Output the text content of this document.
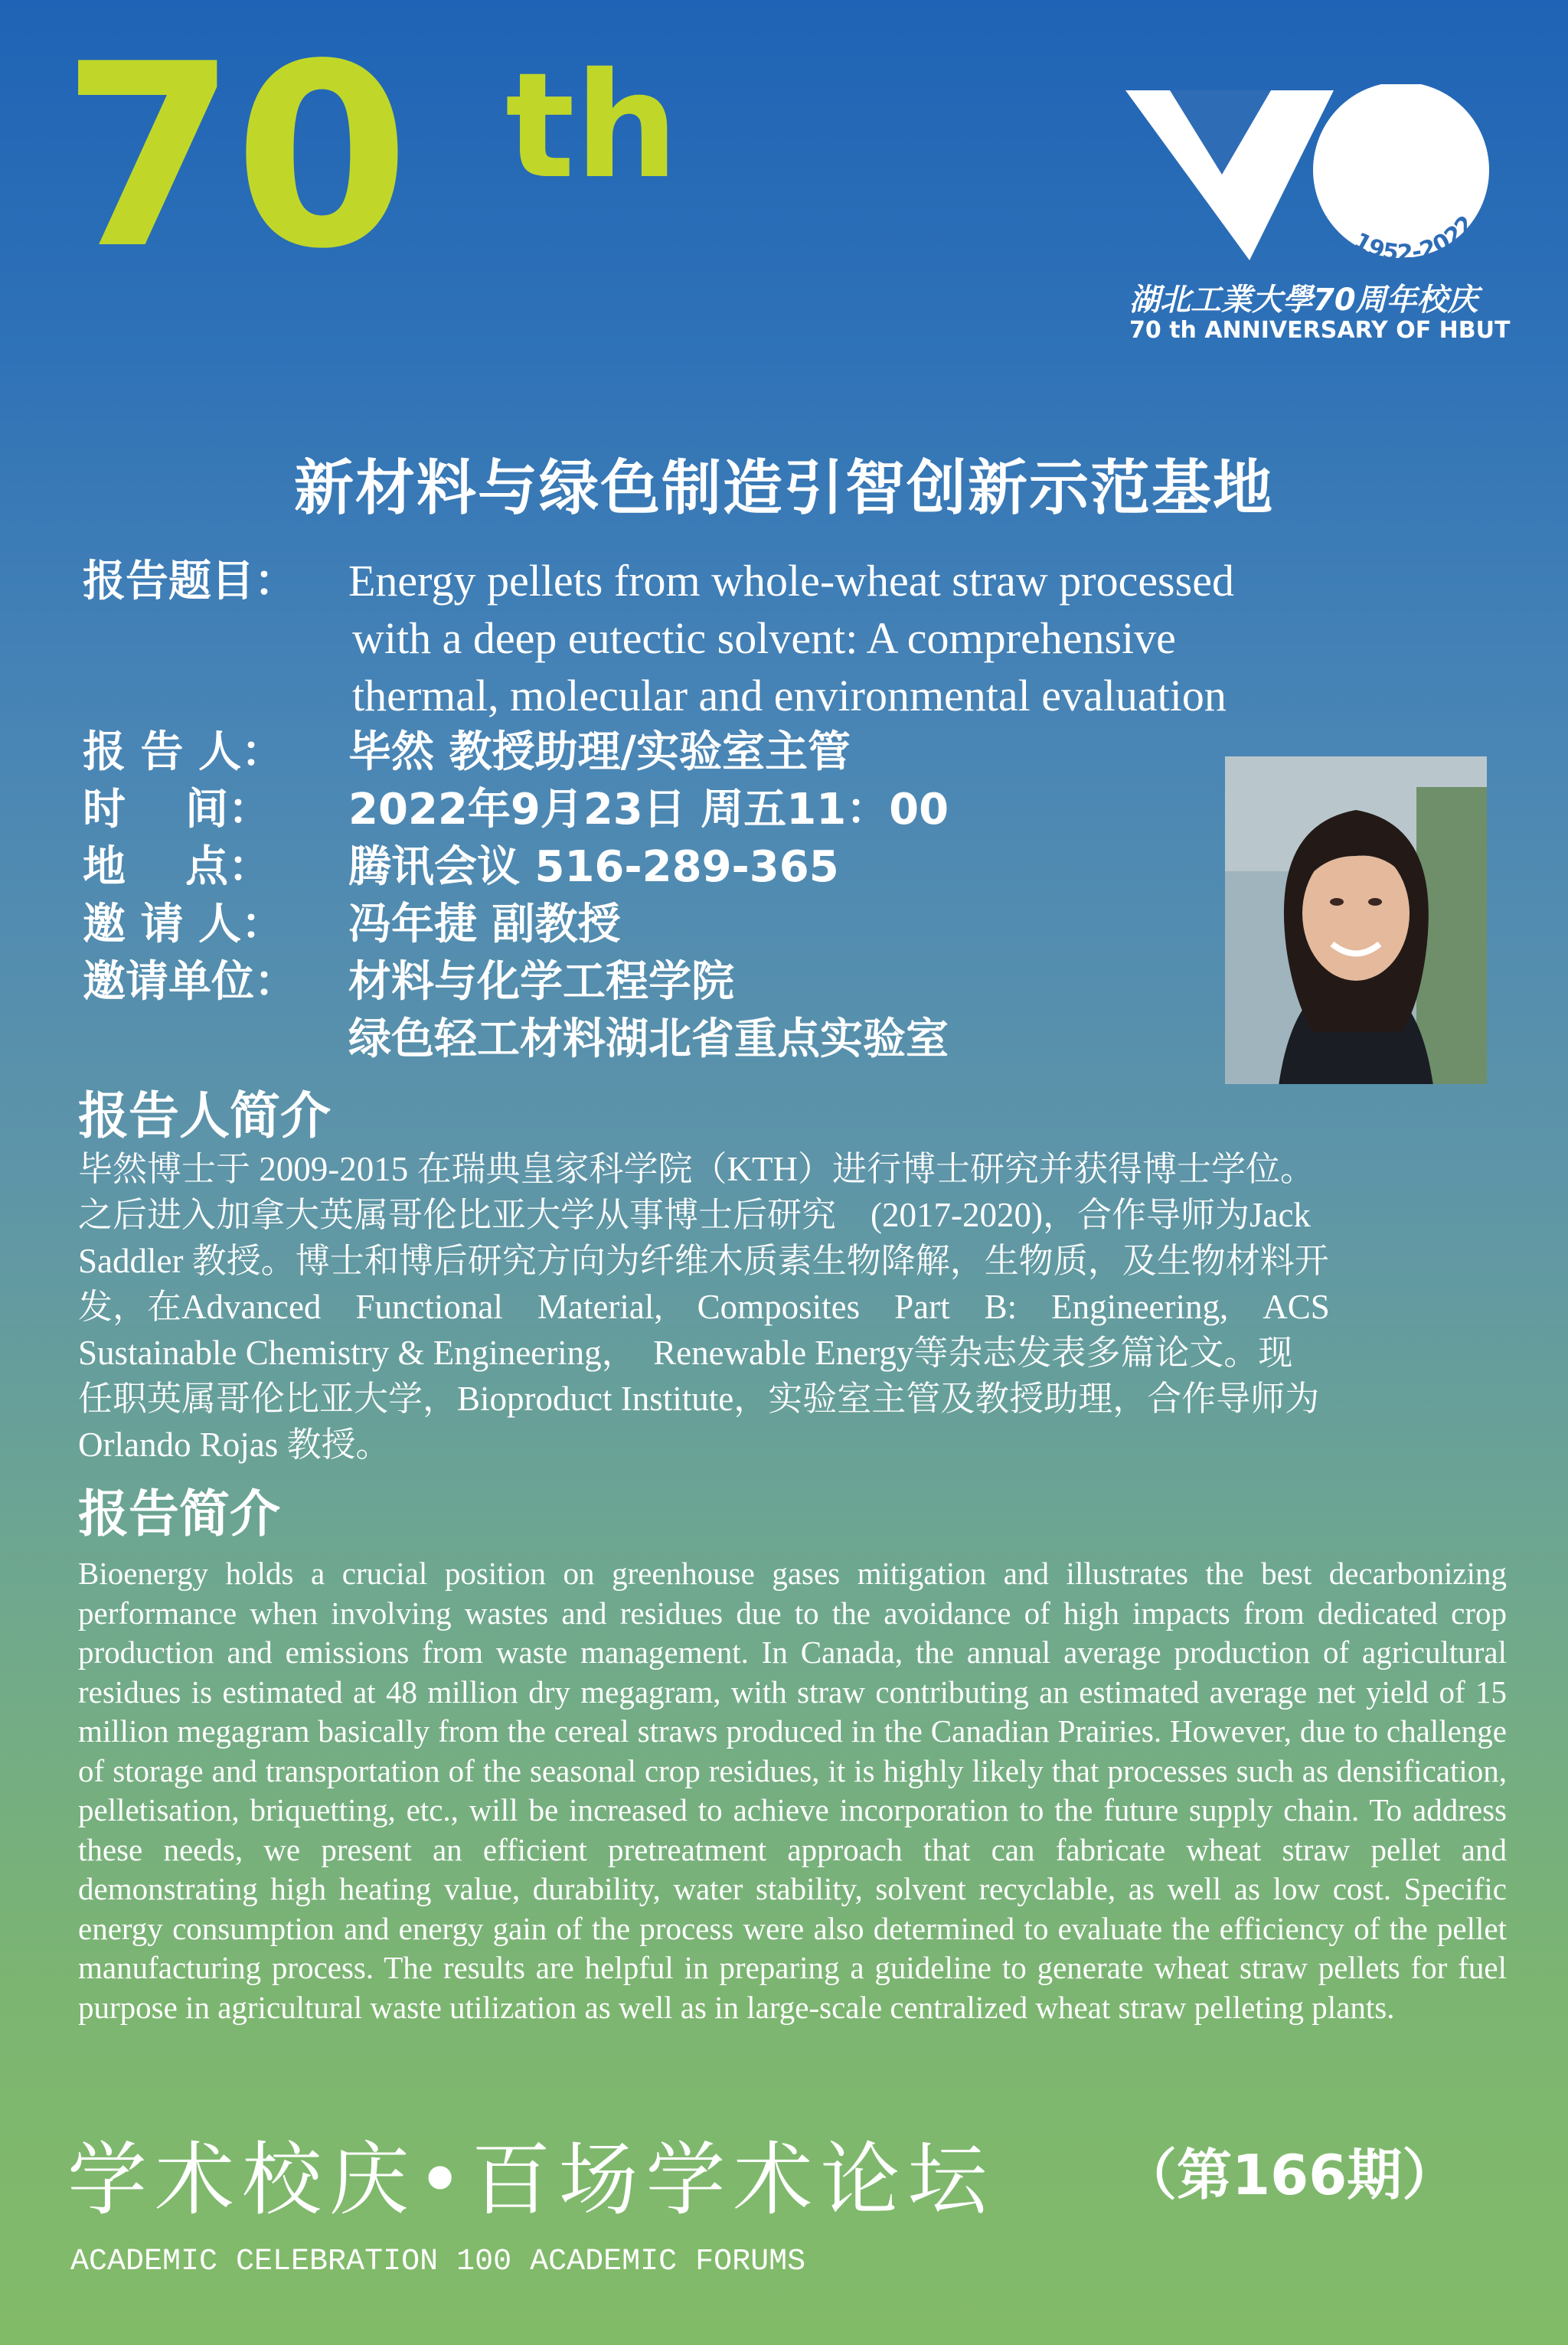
70 th
1952-2022
湖北工業大學70周年校庆
70 th ANNIVERSARY OF HBUT
新材料与绿色制造引智创新示范基地
报告题目： Energy pellets from whole-wheat straw processed
with a deep eutectic solvent: A comprehensive
thermal, molecular and environmental evaluation
报 告 人： 毕然 教授助理/实验室主管
时    间： 2022年9月23日 周五11：00
地    点： 腾讯会议 516-289-365
邀 请 人： 冯年捷 副教授
邀请单位： 材料与化学工程学院
绿色轻工材料湖北省重点实验室
报告人简介
毕然博士于 2009-2015 在瑞典皇家科学院（KTH）进行博士研究并获得博士学位。
之后进入加拿大英属哥伦比亚大学从事博士后研究　(2017-2020)，合作导师为Jack
Saddler 教授。博士和博后研究方向为纤维木质素生物降解，生物质，及生物材料开
发，在Advanced　Functional　Material,　Composites　Part　B:　Engineering,　ACS
Sustainable Chemistry & Engineering，　Renewable Energy等杂志发表多篇论文。现
任职英属哥伦比亚大学，Bioproduct Institute，实验室主管及教授助理，合作导师为
Orlando Rojas 教授。
报告简介
Bioenergy holds a crucial position on greenhouse gases mitigation and illustrates the best decarbonizing performance when involving wastes and residues due to the avoidance of high impacts from dedicated crop production and emissions from waste management. In Canada, the annual average production of agricultural residues is estimated at 48 million dry megagram, with straw contributing an estimated average net yield of 15 million megagram basically from the cereal straws produced in the Canadian Prairies. However, due to challenge of storage and transportation of the seasonal crop residues, it is highly likely that processes such as densification, pelletisation, briquetting, etc., will be increased to achieve incorporation to the future supply chain. To address these needs, we present an efficient pretreatment approach that can fabricate wheat straw pellet and demonstrating high heating value, durability, water stability, solvent recyclable, as well as low cost. Specific energy consumption and energy gain of the process were also determined to evaluate the efficiency of the pellet manufacturing process. The results are helpful in preparing a guideline to generate wheat straw pellets for fuel purpose in agricultural waste utilization as well as in large-scale centralized wheat straw pelleting plants.
学术校庆•百场学术论坛 （第166期）
ACADEMIC CELEBRATION 100 ACADEMIC FORUMS
